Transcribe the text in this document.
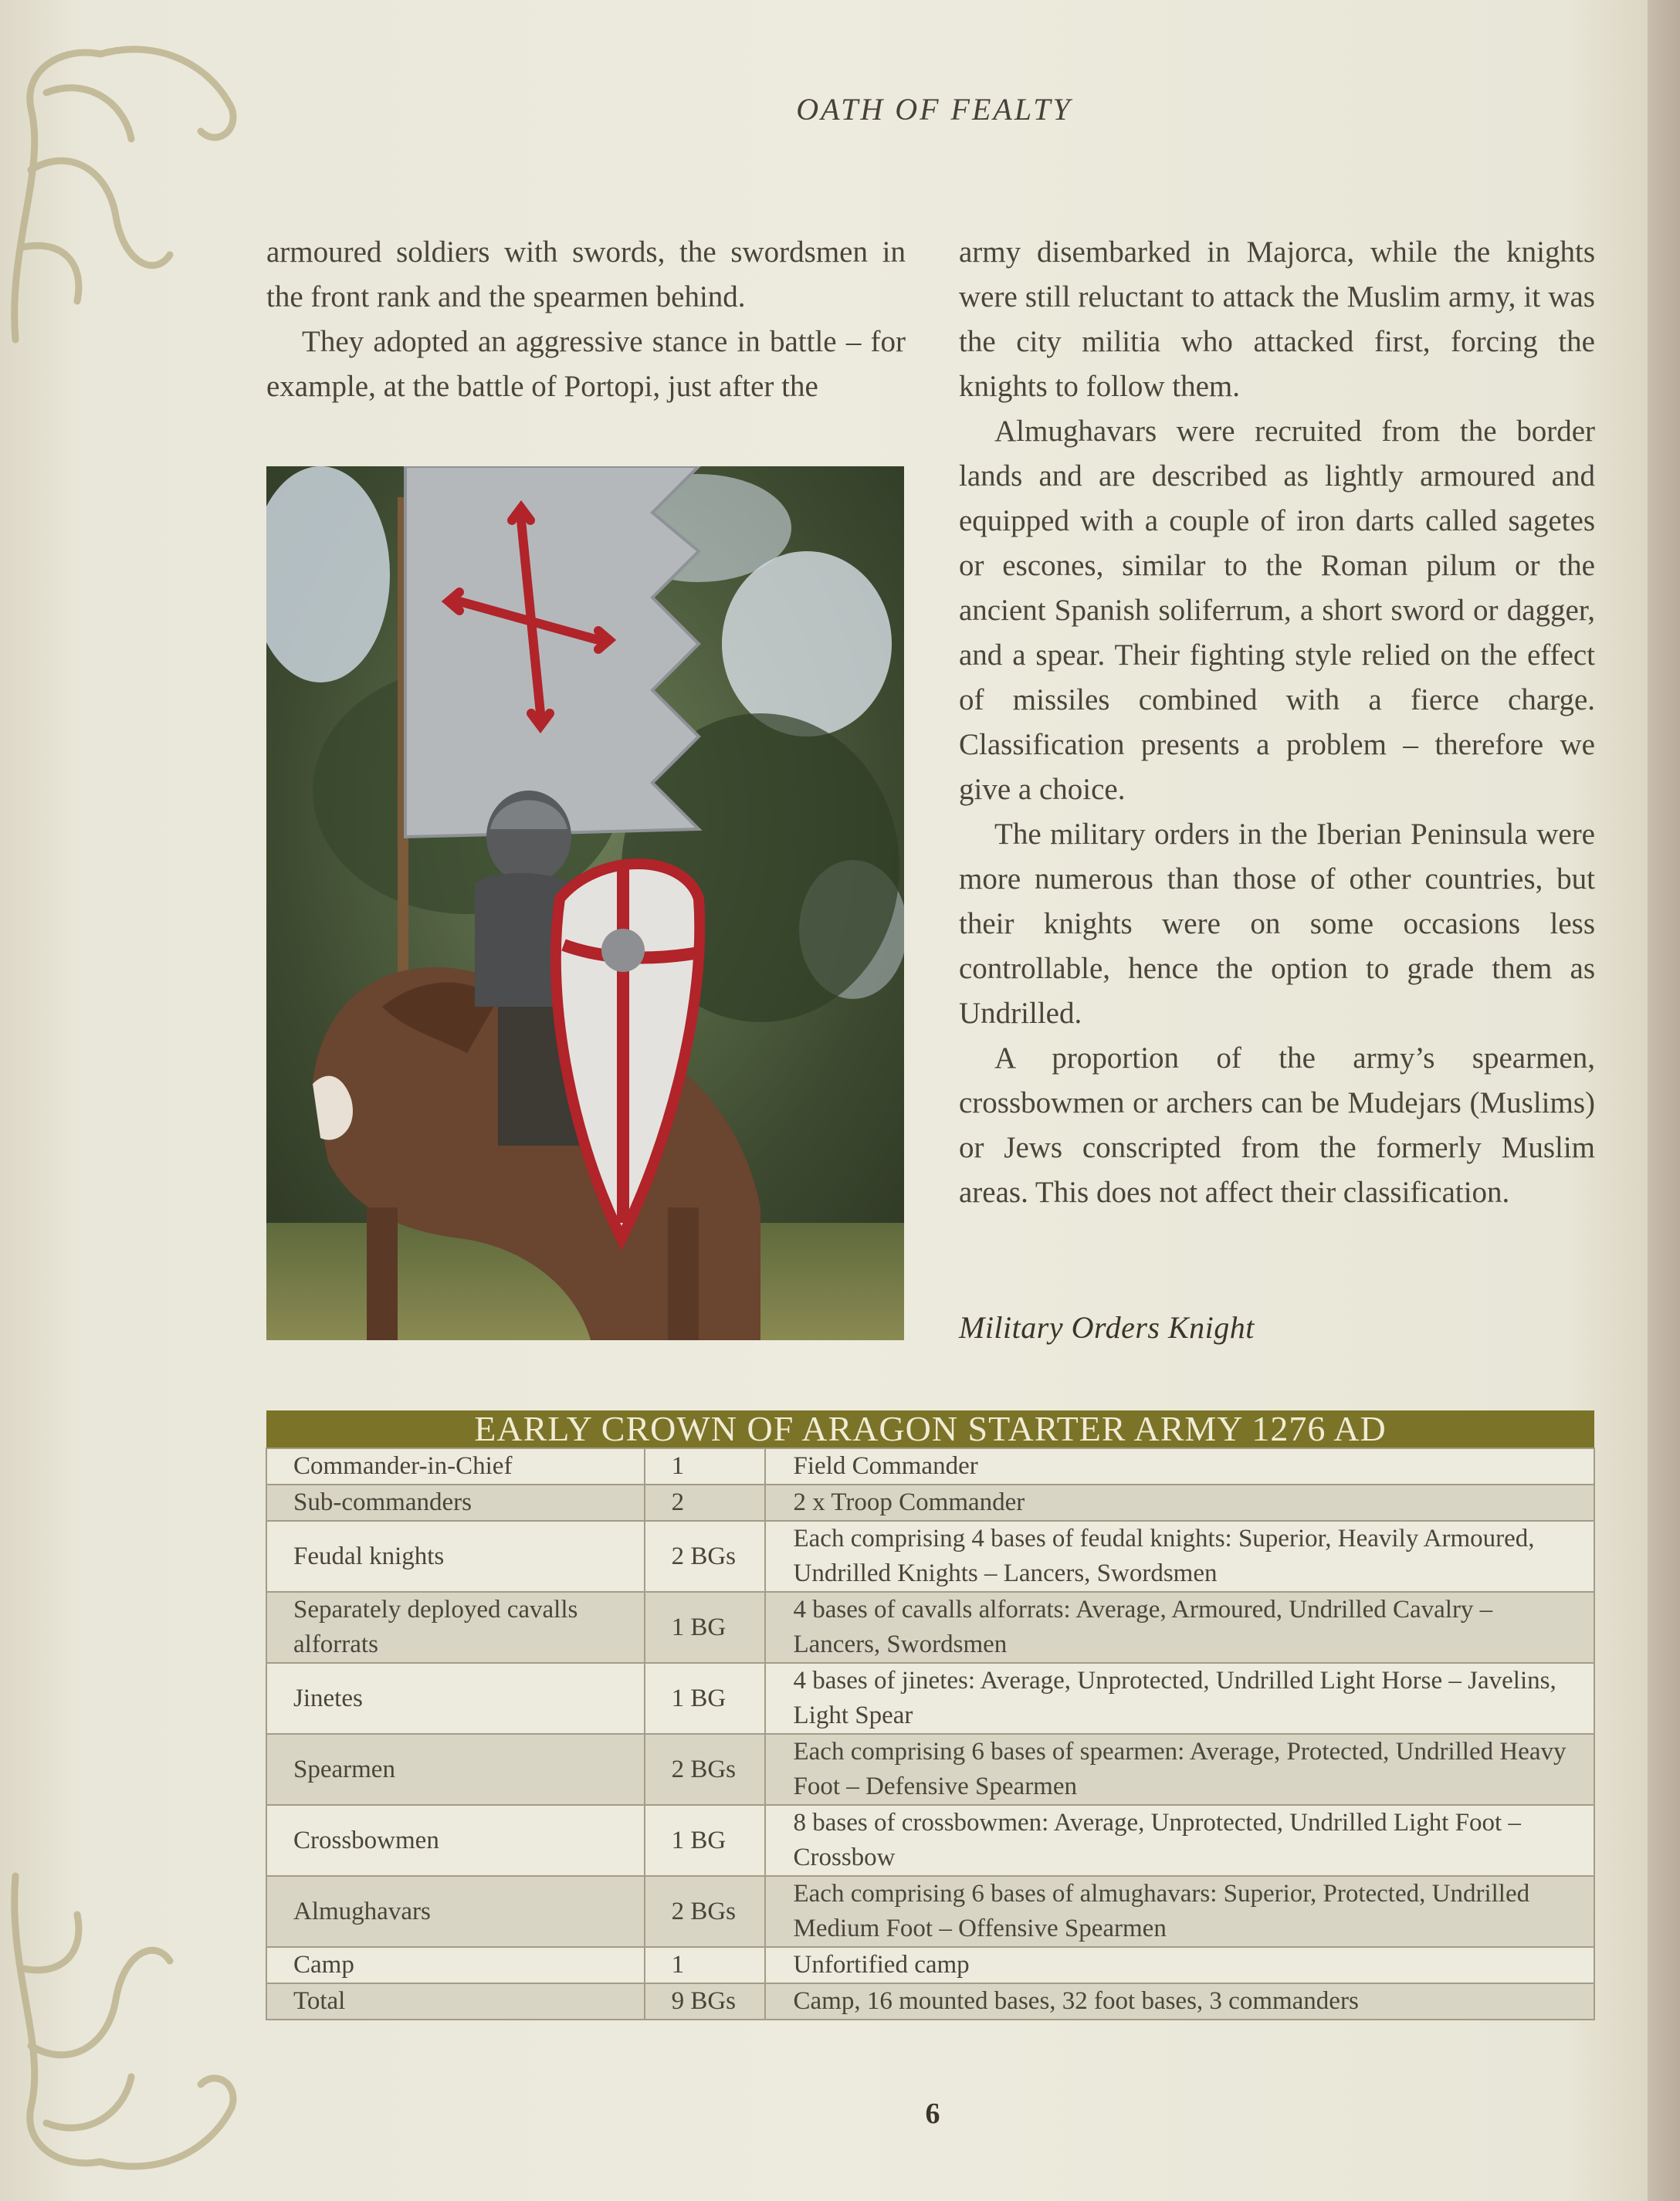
OATH OF FEALTY

armoured soldiers with swords, the swordsmen in the front rank and the spearmen behind.

They adopted an aggressive stance in battle – for example, at the battle of Portopi, just after the

army disembarked in Majorca, while the knights were still reluctant to attack the Muslim army, it was the city militia who attacked first, forcing the knights to follow them.

Almughavars were recruited from the border lands and are described as lightly armoured and equipped with a couple of iron darts called sagetes or escones, similar to the Roman pilum or the ancient Spanish soliferrum, a short sword or dagger, and a spear. Their fighting style relied on the effect of missiles combined with a fierce charge. Classification presents a problem – therefore we give a choice.

The military orders in the Iberian Peninsula were more numerous than those of other countries, but their knights were on some occasions less controllable, hence the option to grade them as Undrilled.

A proportion of the army’s spearmen, crossbowmen or archers can be Mudejars (Muslims) or Jews conscripted from the formerly Muslim areas. This does not affect their classification.

Military Orders Knight
EARLY CROWN OF ARAGON STARTER ARMY 1276 AD		
Commander-in-Chief	1	Field Commander
Sub-commanders	2	2 x Troop Commander
Feudal knights	2 BGs	Each comprising 4 bases of feudal knights: Superior, Heavily Armoured, Undrilled Knights – Lancers, Swordsmen
Separately deployed cavalls alforrats	1 BG	4 bases of cavalls alforrats: Average, Armoured, Undrilled Cavalry – Lancers, Swordsmen
Jinetes	1 BG	4 bases of jinetes: Average, Unprotected, Undrilled Light Horse – Javelins, Light Spear
Spearmen	2 BGs	Each comprising 6 bases of spearmen: Average, Protected, Undrilled Heavy Foot – Defensive Spearmen
Crossbowmen	1 BG	8 bases of crossbowmen: Average, Unprotected, Undrilled Light Foot – Crossbow
Almughavars	2 BGs	Each comprising 6 bases of almughavars: Superior, Protected, Undrilled Medium Foot – Offensive Spearmen
Camp	1	Unfortified camp
Total	9 BGs	Camp, 16 mounted bases, 32 foot bases, 3 commanders
6
